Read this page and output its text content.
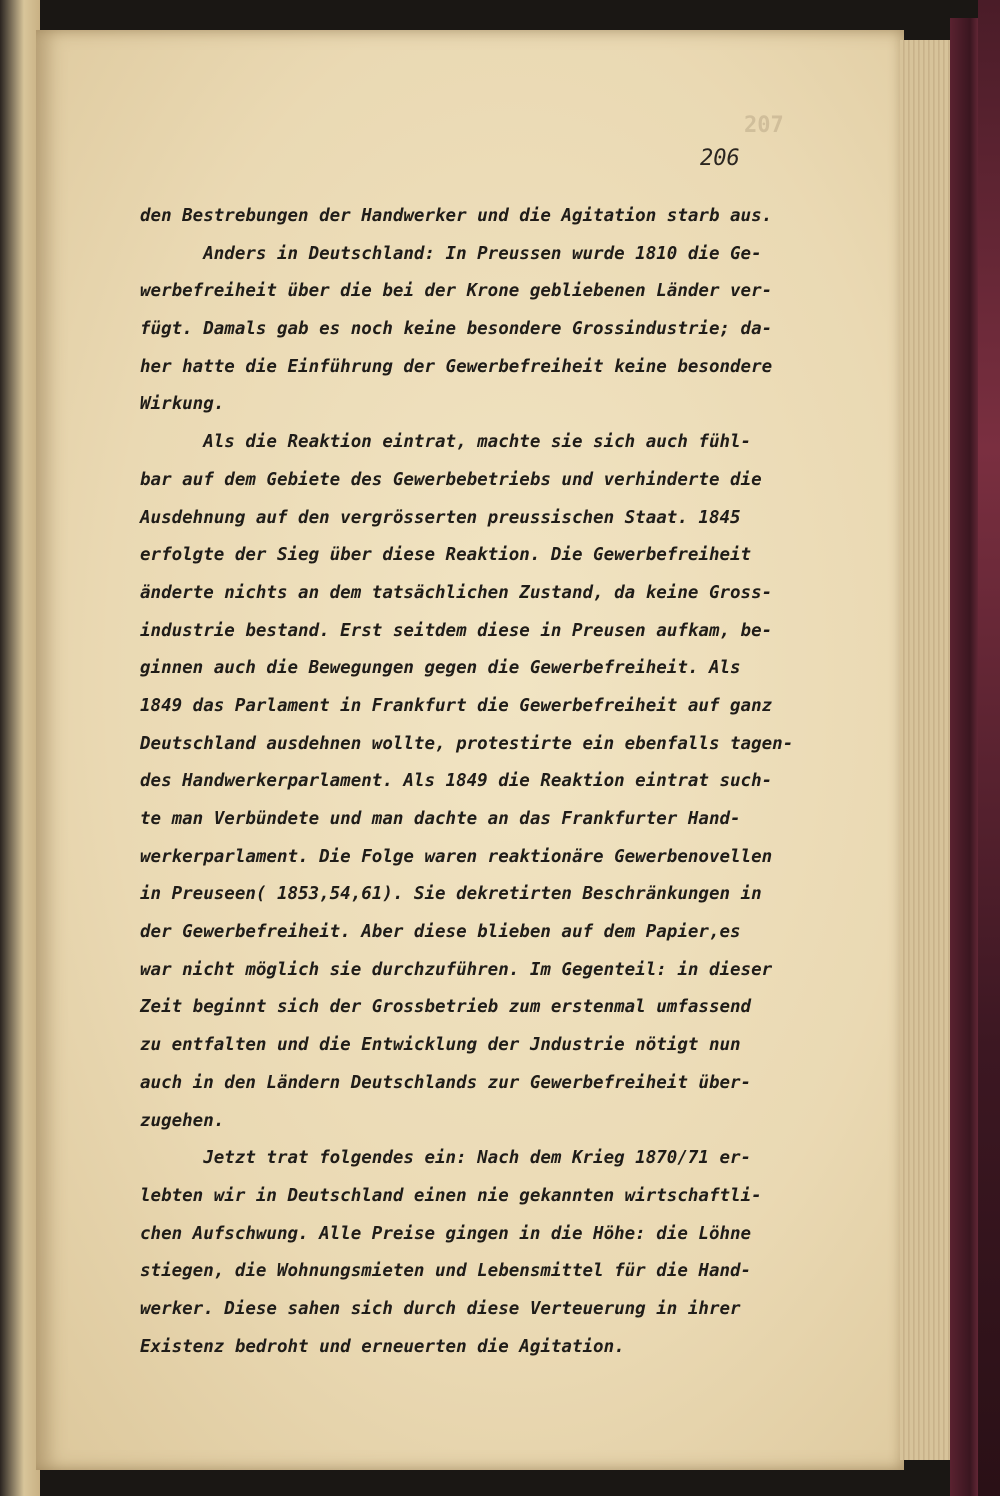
207
206
den Bestrebungen der Handwerker und die Agitation starb aus.
Anders in Deutschland: In Preussen wurde 1810 die Ge-
werbefreiheit über die bei der Krone gebliebenen Länder ver-
fügt. Damals gab es noch keine besondere Grossindustrie; da-
her hatte die Einführung der Gewerbefreiheit keine besondere
Wirkung.
Als die Reaktion eintrat, machte sie sich auch fühl-
bar auf dem Gebiete des Gewerbebetriebs und verhinderte die
Ausdehnung auf den vergrösserten preussischen Staat. 1845
erfolgte der Sieg über diese Reaktion. Die Gewerbefreiheit
änderte nichts an dem tatsächlichen Zustand, da keine Gross-
industrie bestand. Erst seitdem diese in Preusen aufkam, be-
ginnen auch die Bewegungen gegen die Gewerbefreiheit. Als
1849 das Parlament in Frankfurt die Gewerbefreiheit auf ganz
Deutschland ausdehnen wollte, protestirte ein ebenfalls tagen-
des Handwerkerparlament. Als 1849 die Reaktion eintrat such-
te man Verbündete und man dachte an das Frankfurter Hand-
werkerparlament. Die Folge waren reaktionäre Gewerbenovellen
in Preuseen( 1853,54,61). Sie dekretirten Beschränkungen in
der Gewerbefreiheit. Aber diese blieben auf dem Papier,es
war nicht möglich sie durchzuführen. Im Gegenteil: in dieser
Zeit beginnt sich der Grossbetrieb zum erstenmal umfassend
zu entfalten und die Entwicklung der Jndustrie nötigt nun
auch in den Ländern Deutschlands zur Gewerbefreiheit über-
zugehen.
Jetzt trat folgendes ein: Nach dem Krieg 1870/71 er-
lebten wir in Deutschland einen nie gekannten wirtschaftli-
chen Aufschwung. Alle Preise gingen in die Höhe: die Löhne
stiegen, die Wohnungsmieten und Lebensmittel für die Hand-
werker. Diese sahen sich durch diese Verteuerung in ihrer
Existenz bedroht und erneuerten die Agitation.
